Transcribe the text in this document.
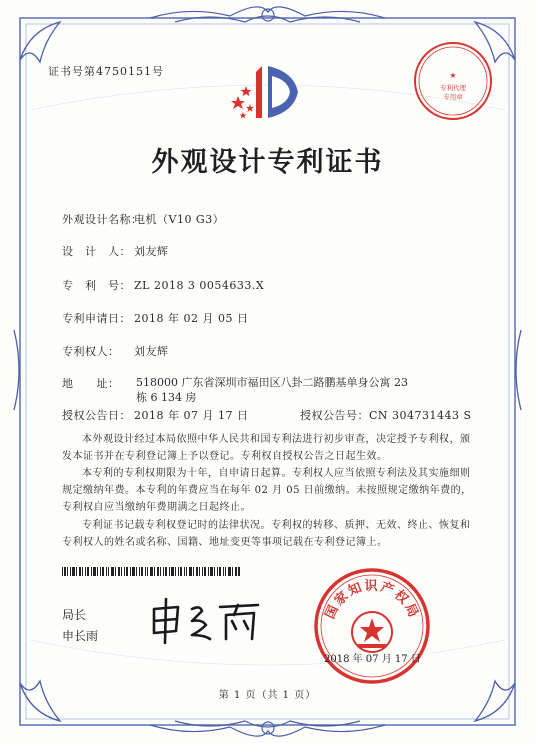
证书号第4750151号	★
专利代理
专用章
外观设计专利证书
外观设计名称：电机（V10 G3）
设　计　人： 刘友辉
专　利　号： ZL 2018 3 0054633.X
专利申请日： 2018 年 02 月 05 日
专利权人： 刘友辉
地　　址：	518000 广东省深圳市福田区八卦二路鹏基单身公寓 23 栋 6 134 房
授权公告日： 2018 年 07 月 17 日	授权公告号：CN 304731443 S
本外观设计经过本局依照中华人民共和国专利法进行初步审查，决定授予专利权，颁发本证书并在专利登记簿上予以登记。专利权自授权公告之日起生效。
本专利的专利权期限为十年，自申请日起算。专利权人应当依照专利法及其实施细则规定缴纳年费。本专利的年费应当在每年 02 月 05 日前缴纳。未按照规定缴纳年费的，专利权自应当缴纳年费期满之日起终止。
专利证书记载专利权登记时的法律状况。专利权的转移、质押、无效、终止、恢复和专利权人的姓名或名称、国籍、地址变更等事项记载在专利登记簿上。
局长
申长雨
国家知识产权局
2018 年 07 月 17 日
第 1 页（共 1 页）
